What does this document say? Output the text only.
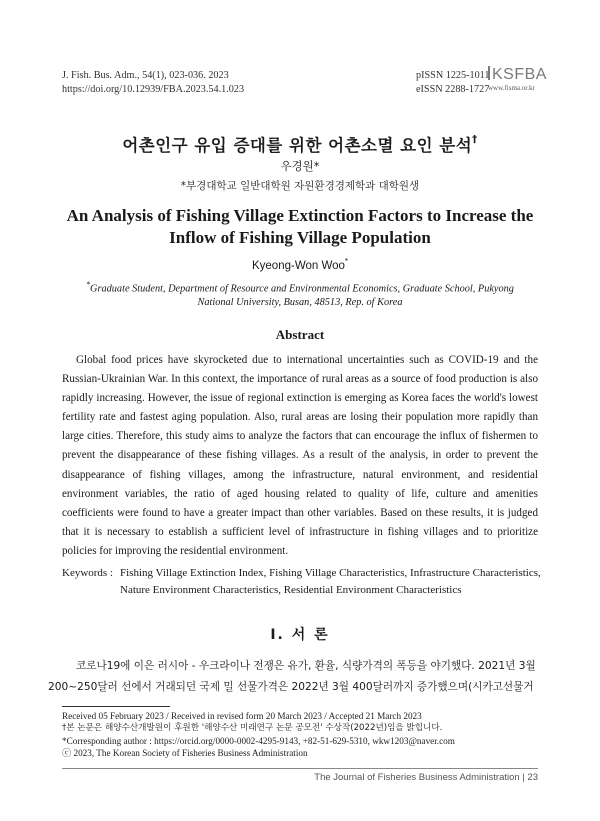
J. Fish. Bus. Adm., 54(1), 023-036. 2023
https://doi.org/10.12939/FBA.2023.54.1.023
pISSN 1225-1011
eISSN 2288-1727
KSFBA
www.fisma.or.kr
어촌인구 유입 증대를 위한 어촌소멸 요인 분석†
우경원*
*부경대학교 일반대학원 자원환경경제학과 대학원생
An Analysis of Fishing Village Extinction Factors to Increase the Inflow of Fishing Village Population
Kyeong-Won Woo*
*Graduate Student, Department of Resource and Environmental Economics, Graduate School, Pukyong National University, Busan, 48513, Rep. of Korea
Abstract
Global food prices have skyrocketed due to international uncertainties such as COVID-19 and the Russian-Ukrainian War. In this context, the importance of rural areas as a source of food production is also rapidly increasing. However, the issue of regional extinction is emerging as Korea faces the world's lowest fertility rate and fastest aging population. Also, rural areas are losing their population more rapidly than large cities. Therefore, this study aims to analyze the factors that can encourage the influx of fishermen to prevent the disappearance of these fishing villages. As a result of the analysis, in order to prevent the disappearance of fishing villages, among the infrastructure, natural environment, and residential environment variables, the ratio of aged housing related to quality of life, culture and amenities coefficients were found to have a greater impact than other variables. Based on these results, it is judged that it is necessary to establish a sufficient level of infrastructure in fishing villages and to prioritize policies for improving the residential environment.
Keywords : Fishing Village Extinction Index, Fishing Village Characteristics, Infrastructure Characteristics,
Nature Environment Characteristics, Residential Environment Characteristics
I. 서 론
코로나19에 이은 러시아 - 우크라이나 전쟁은 유가, 환율, 식량가격의 폭등을 야기했다. 2021년 3월
200~250달러 선에서 거래되던 국제 밀 선물가격은 2022년 3월 400달러까지 증가했으며(시카고선물거
Received 05 February 2023 / Received in revised form 20 March 2023 / Accepted 21 March 2023
†본 논문은 해양수산개발원이 후원한 '해양수산 미래연구 논문 공모전' 수상작(2022년)임을 밝힙니다.
*Corresponding author : https://orcid.org/0000-0002-4295-9143, +82-51-629-5310, wkw1203@naver.com
ⓒ 2023, The Korean Society of Fisheries Business Administration
The Journal of Fisheries Business Administration | 23
